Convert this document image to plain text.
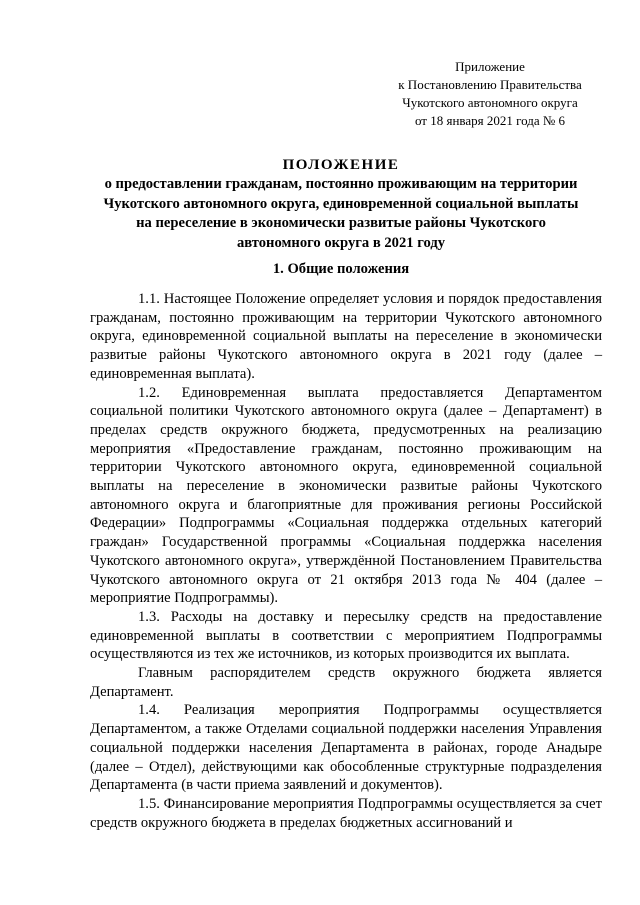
Приложение
к Постановлению Правительства
Чукотского автономного округа
от 18 января 2021 года № 6
ПОЛОЖЕНИЕ
о предоставлении гражданам, постоянно проживающим на территории
Чукотского автономного округа, единовременной социальной выплаты
на переселение в экономически развитые районы Чукотского
автономного округа в 2021 году
1. Общие положения

1.1. Настоящее Положение определяет условия и порядок предоставления гражданам, постоянно проживающим на территории Чукотского автономного округа, единовременной социальной выплаты на переселение в экономически развитые районы Чукотского автономного округа в 2021 году (далее – единовременная выплата).

1.2. Единовременная выплата предоставляется Департаментом социальной политики Чукотского автономного округа (далее – Департамент) в пределах средств окружного бюджета, предусмотренных на реализацию мероприятия «Предоставление гражданам, постоянно проживающим на территории Чукотского автономного округа, единовременной социальной выплаты на переселение в экономически развитые районы Чукотского автономного округа и благоприятные для проживания регионы Российской Федерации» Подпрограммы «Социальная поддержка отдельных категорий граждан» Государственной программы «Социальная поддержка населения Чукотского автономного округа», утверждённой Постановлением Правительства Чукотского автономного округа от 21 октября 2013 года № 404 (далее – мероприятие Подпрограммы).

1.3. Расходы на доставку и пересылку средств на предоставление единовременной выплаты в соответствии с мероприятием Подпрограммы осуществляются из тех же источников, из которых производится их выплата.

Главным распорядителем средств окружного бюджета является Департамент.

1.4. Реализация мероприятия Подпрограммы осуществляется Департаментом, а также Отделами социальной поддержки населения Управления социальной поддержки населения Департамента в районах, городе Анадыре (далее – Отдел), действующими как обособленные структурные подразделения Департамента (в части приема заявлений и документов).

1.5. Финансирование мероприятия Подпрограммы осуществляется за счет средств окружного бюджета в пределах бюджетных ассигнований и
